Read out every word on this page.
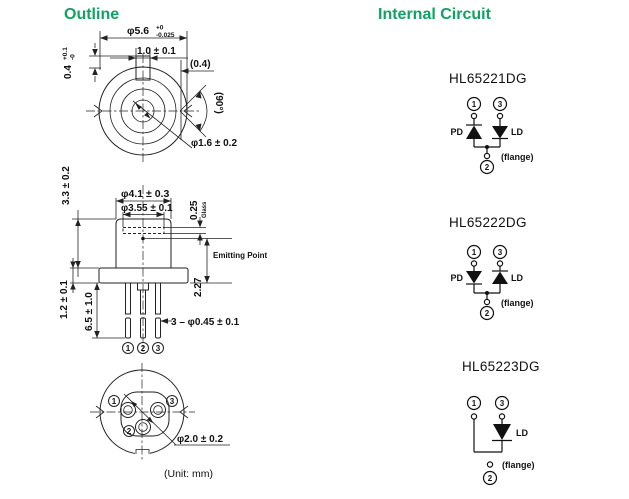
Outline	Internal Circuit
φ5.6 +0
-0.025
0.4
+0.1 -0
1.0 ± 0.1
(0.4)
(90°)
φ1.6 ± 0.2
φ4.1 ± 0.3
φ3.55 ± 0.1 0.25 Glass
3.3 ± 0.2
2.27
Emitting Point
1.2 ± 0.1 6.5 ± 1.0	3 – φ0.45 ± 0.1
1 2 3
1	3
2
φ2.0 ± 0.2
(Unit: mm)
HL65221DG
1	3
2
PD	LD
(flange)
HL65222DG
1	3
2
PD	LD
(flange)
HL65223DG
1	3
LD
(flange)
2
